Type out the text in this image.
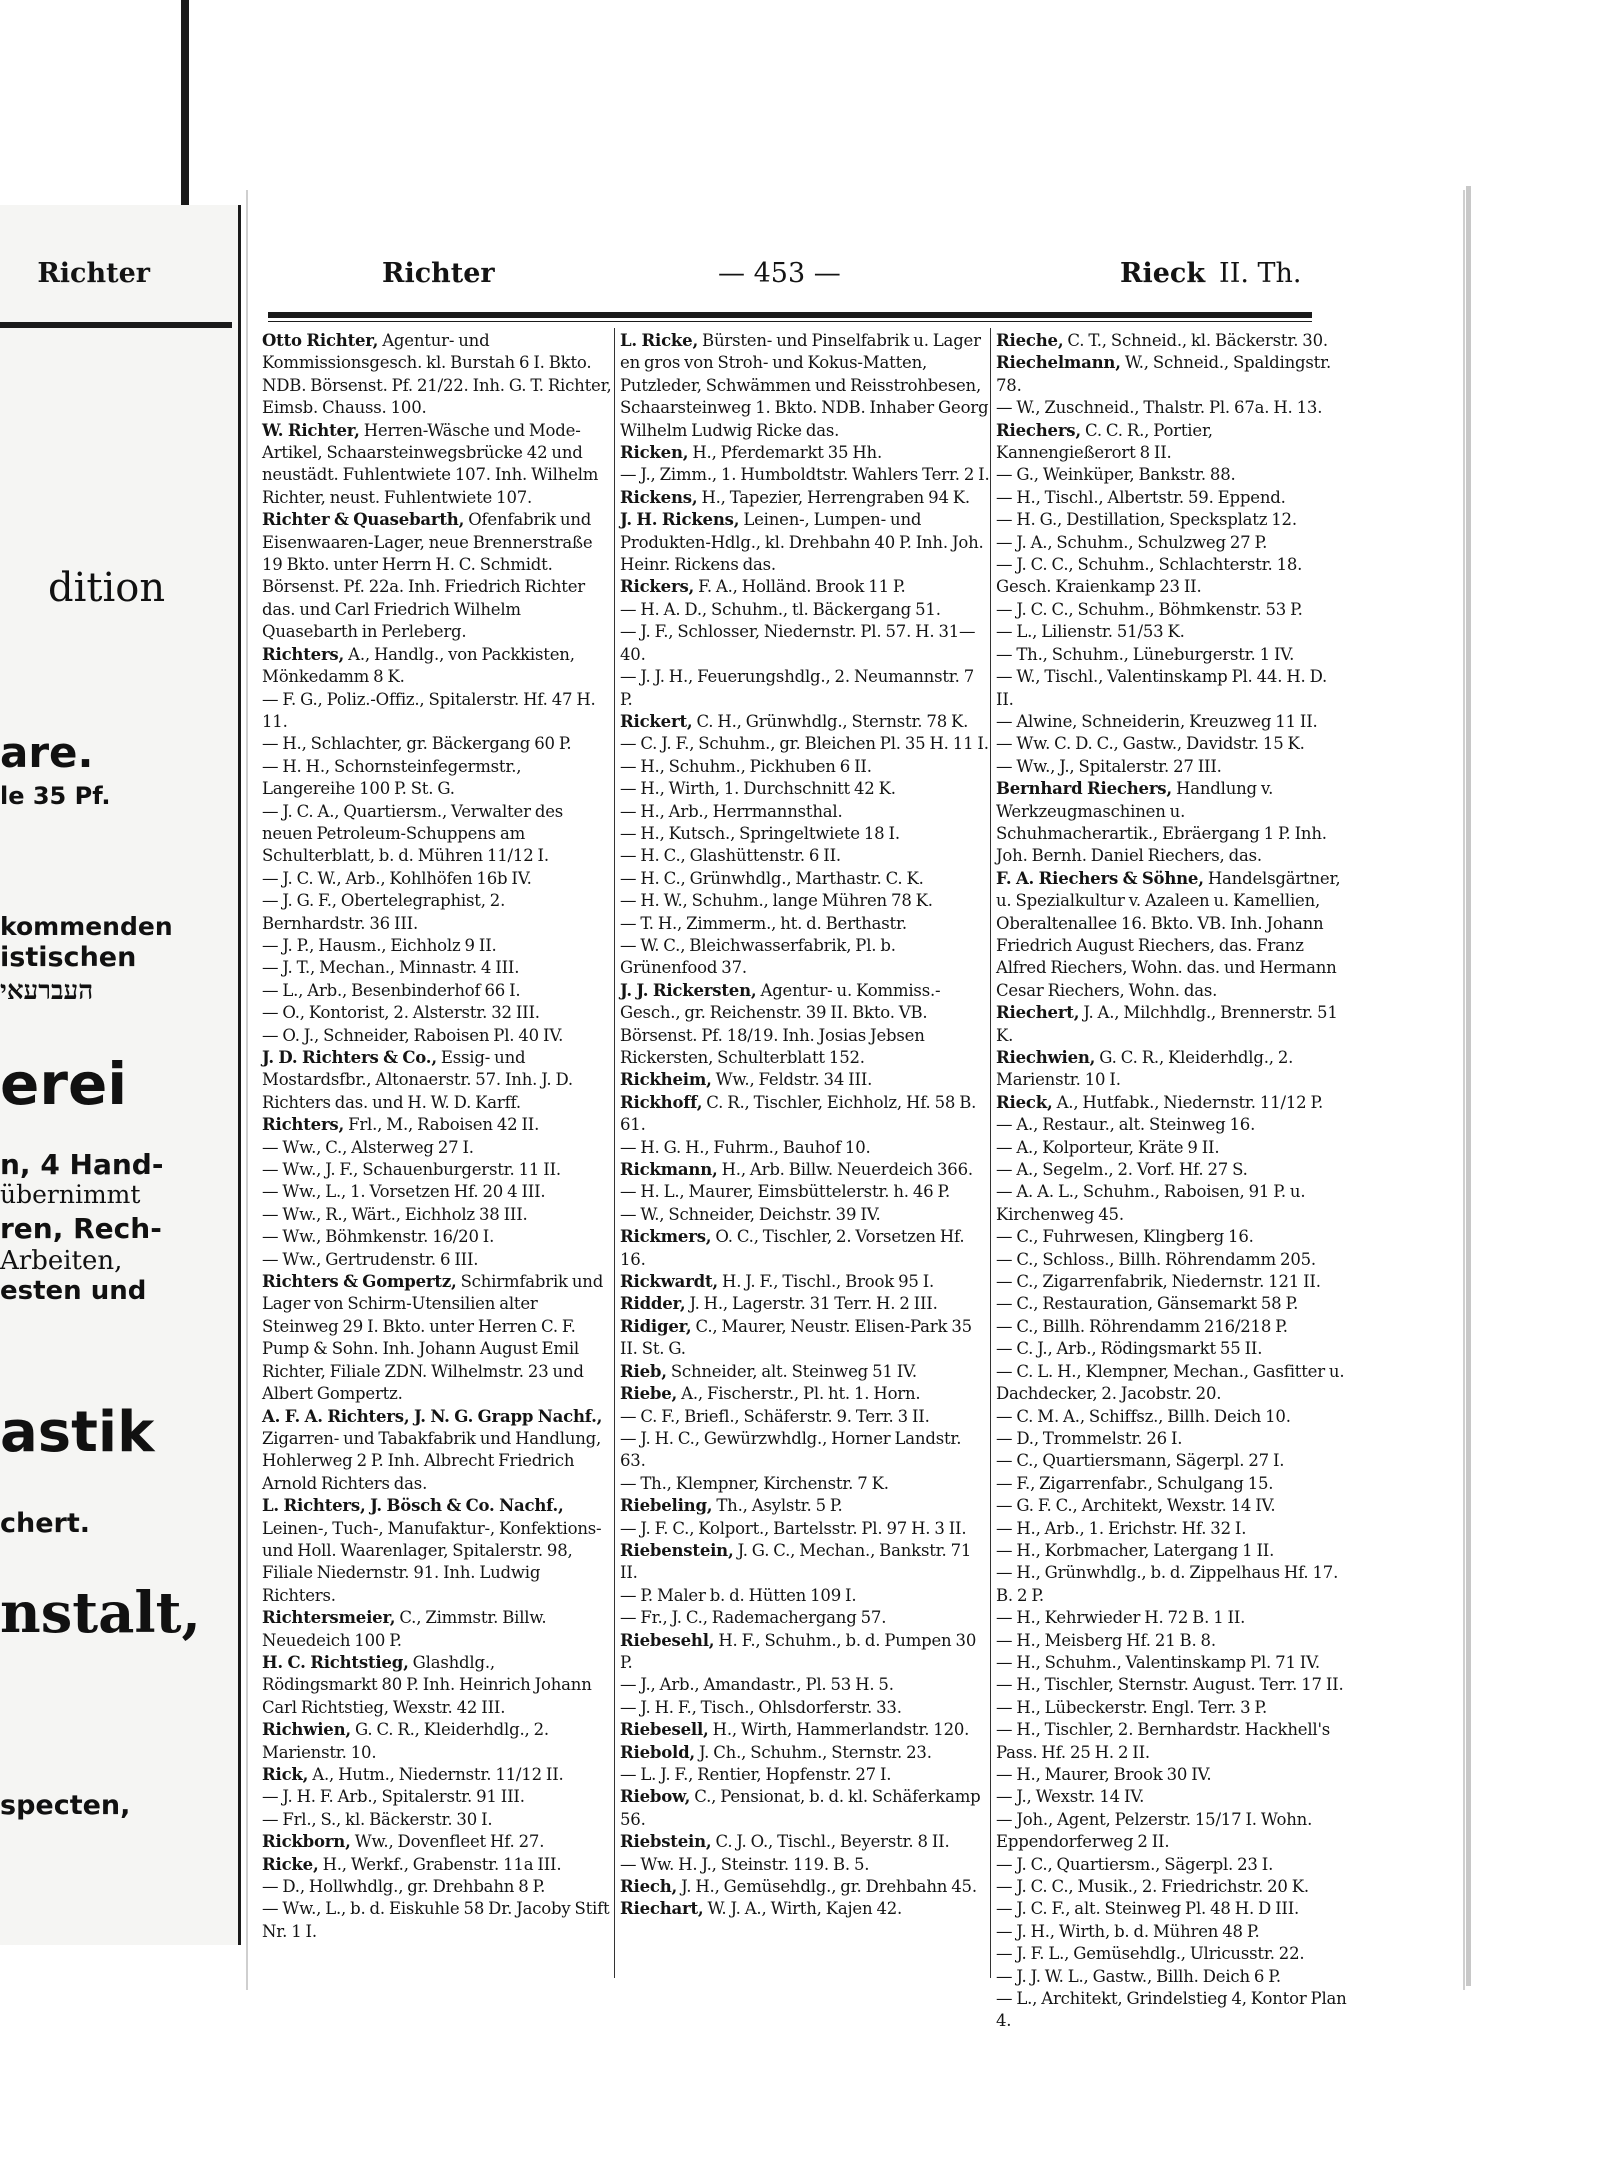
Richter
dition
are.
le 35 Pf.
kommenden
istischen
העברעאי
erei
n, 4 Hand-
übernimmt
ren, Rech-
Arbeiten,
esten und
astik
chert.
nstalt,
specten,
Richter	— 453 —	Rieck II. Th.
Otto Richter, Agentur- und Kommissionsgesch. kl. Burstah 6 I. Bkto. NDB. Börsenst. Pf. 21/22. Inh. G. T. Richter, Eimsb. Chauss. 100.
W. Richter, Herren-Wäsche und Mode-Artikel, Schaarsteinwegsbrücke 42 und neustädt. Fuhlentwiete 107. Inh. Wilhelm Richter, neust. Fuhlentwiete 107.
Richter & Quasebarth, Ofenfabrik und Eisenwaaren-Lager, neue Brennerstraße 19 Bkto. unter Herrn H. C. Schmidt. Börsenst. Pf. 22a. Inh. Friedrich Richter das. und Carl Friedrich Wilhelm Quasebarth in Perleberg.
Richters, A., Handlg., von Packkisten, Mönkedamm 8 K.
— F. G., Poliz.-Offiz., Spitalerstr. Hf. 47 H. 11.
— H., Schlachter, gr. Bäckergang 60 P.
— H. H., Schornsteinfegermstr., Langereihe 100 P. St. G.
— J. C. A., Quartiersm., Verwalter des neuen Petroleum-Schuppens am Schulterblatt, b. d. Mühren 11/12 I.
— J. C. W., Arb., Kohlhöfen 16b IV.
— J. G. F., Obertelegraphist, 2. Bernhardstr. 36 III.
— J. P., Hausm., Eichholz 9 II.
— J. T., Mechan., Minnastr. 4 III.
— L., Arb., Besenbinderhof 66 I.
— O., Kontorist, 2. Alsterstr. 32 III.
— O. J., Schneider, Raboisen Pl. 40 IV.
J. D. Richters & Co., Essig- und Mostardsfbr., Altonaerstr. 57. Inh. J. D. Richters das. und H. W. D. Karff.
Richters, Frl., M., Raboisen 42 II.
— Ww., C., Alsterweg 27 I.
— Ww., J. F., Schauenburgerstr. 11 II.
— Ww., L., 1. Vorsetzen Hf. 20 4 III.
— Ww., R., Wärt., Eichholz 38 III.
— Ww., Böhmkenstr. 16/20 I.
— Ww., Gertrudenstr. 6 III.
Richters & Gompertz, Schirmfabrik und Lager von Schirm-Utensilien alter Steinweg 29 I. Bkto. unter Herren C. F. Pump & Sohn. Inh. Johann August Emil Richter, Filiale ZDN. Wilhelmstr. 23 und Albert Gompertz.
A. F. A. Richters, J. N. G. Grapp Nachf., Zigarren- und Tabakfabrik und Handlung, Hohlerweg 2 P. Inh. Albrecht Friedrich Arnold Richters das.
L. Richters, J. Bösch & Co. Nachf., Leinen-, Tuch-, Manufaktur-, Konfektions- und Holl. Waarenlager, Spitalerstr. 98, Filiale Niedernstr. 91. Inh. Ludwig Richters.
Richtersmeier, C., Zimmstr. Billw. Neuedeich 100 P.
H. C. Richtstieg, Glashdlg., Rödingsmarkt 80 P. Inh. Heinrich Johann Carl Richtstieg, Wexstr. 42 III.
Richwien, G. C. R., Kleiderhdlg., 2. Marienstr. 10.
Rick, A., Hutm., Niedernstr. 11/12 II.
— J. H. F. Arb., Spitalerstr. 91 III.
— Frl., S., kl. Bäckerstr. 30 I.
Rickborn, Ww., Dovenfleet Hf. 27.
Ricke, H., Werkf., Grabenstr. 11a III.
— D., Hollwhdlg., gr. Drehbahn 8 P.
— Ww., L., b. d. Eiskuhle 58 Dr. Jacoby Stift Nr. 1 I.
L. Ricke, Bürsten- und Pinselfabrik u. Lager en gros von Stroh- und Kokus-Matten, Putzleder, Schwämmen und Reisstrohbesen, Schaarsteinweg 1. Bkto. NDB. Inhaber Georg Wilhelm Ludwig Ricke das.
Ricken, H., Pferdemarkt 35 Hh.
— J., Zimm., 1. Humboldtstr. Wahlers Terr. 2 I.
Rickens, H., Tapezier, Herrengraben 94 K.
J. H. Rickens, Leinen-, Lumpen- und Produkten-Hdlg., kl. Drehbahn 40 P. Inh. Joh. Heinr. Rickens das.
Rickers, F. A., Holländ. Brook 11 P.
— H. A. D., Schuhm., tl. Bäckergang 51.
— J. F., Schlosser, Niedernstr. Pl. 57. H. 31—40.
— J. J. H., Feuerungshdlg., 2. Neumannstr. 7 P.
Rickert, C. H., Grünwhdlg., Sternstr. 78 K.
— C. J. F., Schuhm., gr. Bleichen Pl. 35 H. 11 I.
— H., Schuhm., Pickhuben 6 II.
— H., Wirth, 1. Durchschnitt 42 K.
— H., Arb., Herrmannsthal.
— H., Kutsch., Springeltwiete 18 I.
— H. C., Glashüttenstr. 6 II.
— H. C., Grünwhdlg., Marthastr. C. K.
— H. W., Schuhm., lange Mühren 78 K.
— T. H., Zimmerm., ht. d. Berthastr.
— W. C., Bleichwasserfabrik, Pl. b. Grünenfood 37.
J. J. Rickersten, Agentur- u. Kommiss.-Gesch., gr. Reichenstr. 39 II. Bkto. VB. Börsenst. Pf. 18/19. Inh. Josias Jebsen Rickersten, Schulterblatt 152.
Rickheim, Ww., Feldstr. 34 III.
Rickhoff, C. R., Tischler, Eichholz, Hf. 58 B. 61.
— H. G. H., Fuhrm., Bauhof 10.
Rickmann, H., Arb. Billw. Neuerdeich 366.
— H. L., Maurer, Eimsbüttelerstr. h. 46 P.
— W., Schneider, Deichstr. 39 IV.
Rickmers, O. C., Tischler, 2. Vorsetzen Hf. 16.
Rickwardt, H. J. F., Tischl., Brook 95 I.
Ridder, J. H., Lagerstr. 31 Terr. H. 2 III.
Ridiger, C., Maurer, Neustr. Elisen-Park 35 II. St. G.
Rieb, Schneider, alt. Steinweg 51 IV.
Riebe, A., Fischerstr., Pl. ht. 1. Horn.
— C. F., Briefl., Schäferstr. 9. Terr. 3 II.
— J. H. C., Gewürzwhdlg., Horner Landstr. 63.
— Th., Klempner, Kirchenstr. 7 K.
Riebeling, Th., Asylstr. 5 P.
— J. F. C., Kolport., Bartelsstr. Pl. 97 H. 3 II.
Riebenstein, J. G. C., Mechan., Bankstr. 71 II.
— P. Maler b. d. Hütten 109 I.
— Fr., J. C., Rademachergang 57.
Riebesehl, H. F., Schuhm., b. d. Pumpen 30 P.
— J., Arb., Amandastr., Pl. 53 H. 5.
— J. H. F., Tisch., Ohlsdorferstr. 33.
Riebesell, H., Wirth, Hammerlandstr. 120.
Riebold, J. Ch., Schuhm., Sternstr. 23.
— L. J. F., Rentier, Hopfenstr. 27 I.
Riebow, C., Pensionat, b. d. kl. Schäferkamp 56.
Riebstein, C. J. O., Tischl., Beyerstr. 8 II.
— Ww. H. J., Steinstr. 119. B. 5.
Riech, J. H., Gemüsehdlg., gr. Drehbahn 45.
Riechart, W. J. A., Wirth, Kajen 42.
Rieche, C. T., Schneid., kl. Bäckerstr. 30.
Riechelmann, W., Schneid., Spaldingstr. 78.
— W., Zuschneid., Thalstr. Pl. 67a. H. 13.
Riechers, C. C. R., Portier, Kannengießerort 8 II.
— G., Weinküper, Bankstr. 88.
— H., Tischl., Albertstr. 59. Eppend.
— H. G., Destillation, Specksplatz 12.
— J. A., Schuhm., Schulzweg 27 P.
— J. C. C., Schuhm., Schlachterstr. 18. Gesch. Kraienkamp 23 II.
— J. C. C., Schuhm., Böhmkenstr. 53 P.
— L., Lilienstr. 51/53 K.
— Th., Schuhm., Lüneburgerstr. 1 IV.
— W., Tischl., Valentinskamp Pl. 44. H. D. II.
— Alwine, Schneiderin, Kreuzweg 11 II.
— Ww. C. D. C., Gastw., Davidstr. 15 K.
— Ww., J., Spitalerstr. 27 III.
Bernhard Riechers, Handlung v. Werkzeugmaschinen u. Schuhmacherartik., Ebräergang 1 P. Inh. Joh. Bernh. Daniel Riechers, das.
F. A. Riechers & Söhne, Handelsgärtner, u. Spezialkultur v. Azaleen u. Kamellien, Oberaltenallee 16. Bkto. VB. Inh. Johann Friedrich August Riechers, das. Franz Alfred Riechers, Wohn. das. und Hermann Cesar Riechers, Wohn. das.
Riechert, J. A., Milchhdlg., Brennerstr. 51 K.
Riechwien, G. C. R., Kleiderhdlg., 2. Marienstr. 10 I.
Rieck, A., Hutfabk., Niedernstr. 11/12 P.
— A., Restaur., alt. Steinweg 16.
— A., Kolporteur, Kräte 9 II.
— A., Segelm., 2. Vorf. Hf. 27 S.
— A. A. L., Schuhm., Raboisen, 91 P. u. Kirchenweg 45.
— C., Fuhrwesen, Klingberg 16.
— C., Schloss., Billh. Röhrendamm 205.
— C., Zigarrenfabrik, Niedernstr. 121 II.
— C., Restauration, Gänsemarkt 58 P.
— C., Billh. Röhrendamm 216/218 P.
— C. J., Arb., Rödingsmarkt 55 II.
— C. L. H., Klempner, Mechan., Gasfitter u. Dachdecker, 2. Jacobstr. 20.
— C. M. A., Schiffsz., Billh. Deich 10.
— D., Trommelstr. 26 I.
— C., Quartiersmann, Sägerpl. 27 I.
— F., Zigarrenfabr., Schulgang 15.
— G. F. C., Architekt, Wexstr. 14 IV.
— H., Arb., 1. Erichstr. Hf. 32 I.
— H., Korbmacher, Latergang 1 II.
— H., Grünwhdlg., b. d. Zippelhaus Hf. 17. B. 2 P.
— H., Kehrwieder H. 72 B. 1 II.
— H., Meisberg Hf. 21 B. 8.
— H., Schuhm., Valentinskamp Pl. 71 IV.
— H., Tischler, Sternstr. August. Terr. 17 II.
— H., Lübeckerstr. Engl. Terr. 3 P.
— H., Tischler, 2. Bernhardstr. Hackhell's Pass. Hf. 25 H. 2 II.
— H., Maurer, Brook 30 IV.
— J., Wexstr. 14 IV.
— Joh., Agent, Pelzerstr. 15/17 I. Wohn. Eppendorferweg 2 II.
— J. C., Quartiersm., Sägerpl. 23 I.
— J. C. C., Musik., 2. Friedrichstr. 20 K.
— J. C. F., alt. Steinweg Pl. 48 H. D III.
— J. H., Wirth, b. d. Mühren 48 P.
— J. F. L., Gemüsehdlg., Ulricusstr. 22.
— J. J. W. L., Gastw., Billh. Deich 6 P.
— L., Architekt, Grindelstieg 4, Kontor Plan 4.
